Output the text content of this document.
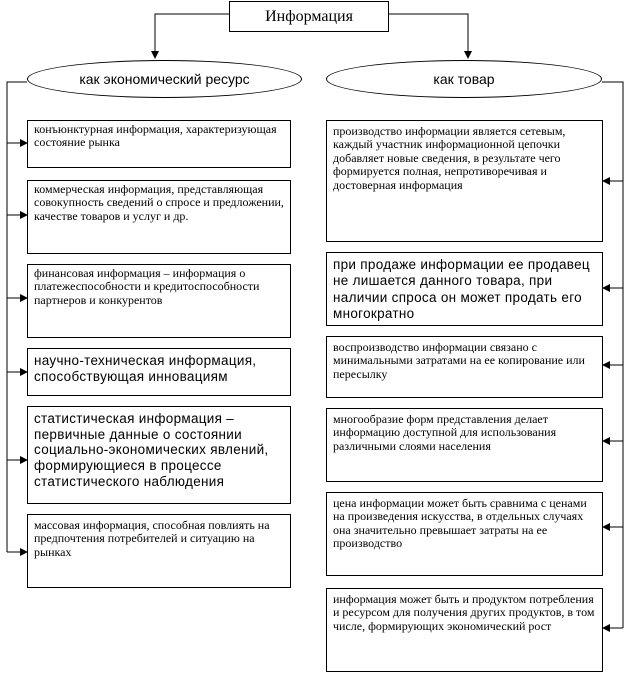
Информация
как экономический ресурс	как товар
конъюнктурная информация, характеризующая состояние рынка
коммерческая информация, представляющая совокупность сведений о спросе и предложении, качестве товаров и услуг и др.
финансовая информация – информация о платежеспособности и кредитоспособности партнеров и конкурентов
научно-техническая информация, способствующая инновациям
статистическая информация – первичные данные о состоянии социально-экономических явлений, формирующиеся в процессе статистического наблюдения
массовая информация, способная повлиять на предпочтения потребителей и ситуацию на рынках
производство информации является сетевым, каждый участник информационной цепочки добавляет новые сведения, в результате чего формируется полная, непротиворечивая и достоверная информация
при продаже информации ее продавец не лишается данного товара, при наличии спроса он может продать его многократно
воспроизводство информации связано с минимальными затратами на ее копирование или пересылку
многообразие форм представления делает информацию доступной для использования различными слоями населения
цена информации может быть сравнима с ценами на произведения искусства, в отдельных случаях она значительно превышает затраты на ее производство
информация может быть и продуктом потребления и ресурсом для получения других продуктов, в том числе, формирующих экономический рост
